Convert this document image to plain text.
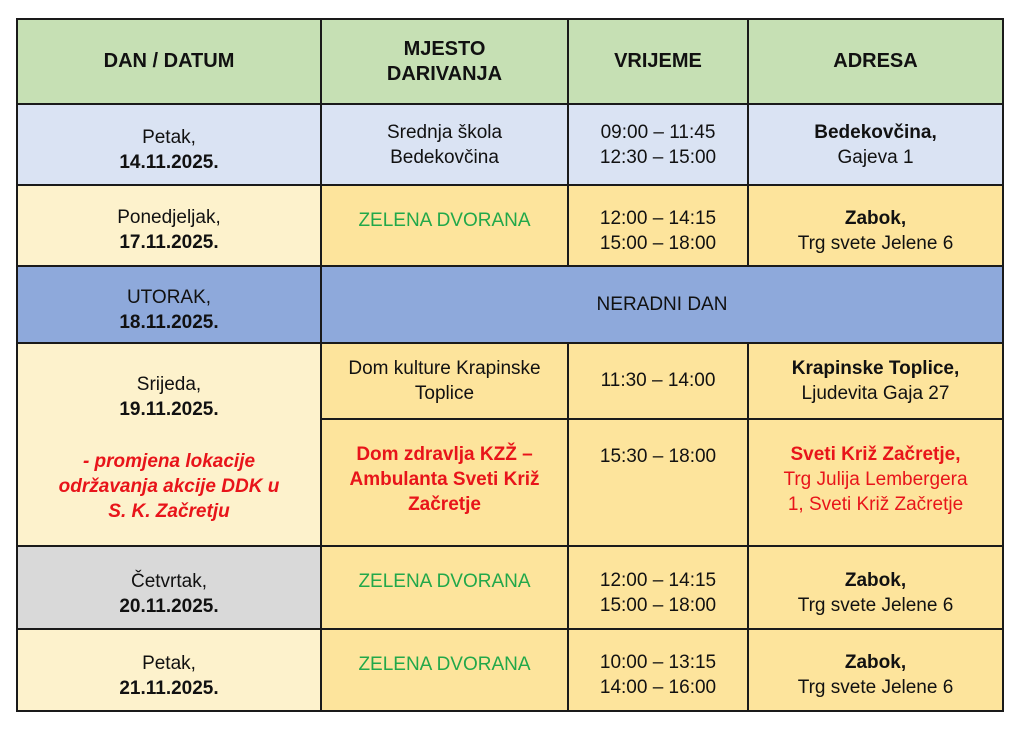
DAN / DATUM	MJESTO
DARIVANJA	VRIJEME	ADRESA

Petak,
14.11.2025.	Srednja škola
Bedekovčina	09:00 – 11:45
12:30 – 15:00	Bedekovčina,
Gajeva 1

Ponedjeljak,
17.11.2025.	ZELENA DVORANA	12:00 – 14:15
15:00 – 18:00	Zabok,
Trg svete Jelene 6

UTORAK,
18.11.2025.	NERADNI DAN		

Srijeda,
19.11.2025.
- promjena lokacije
održavanja akcije DDK u
S. K. Začretju	Dom kulture Krapinske
Toplice	11:30 – 14:00	Krapinske Toplice,
Ljudevita Gaja 27

	Dom zdravlja KZŽ –
Ambulanta Sveti Križ
Začretje	15:30 – 18:00	Sveti Križ Začretje,
Trg Julija Lembergera
1, Sveti Križ Začretje

Četvrtak,
20.11.2025.	ZELENA DVORANA	12:00 – 14:15
15:00 – 18:00	Zabok,
Trg svete Jelene 6

Petak,
21.11.2025.	ZELENA DVORANA	10:00 – 13:15
14:00 – 16:00	Zabok,
Trg svete Jelene 6
